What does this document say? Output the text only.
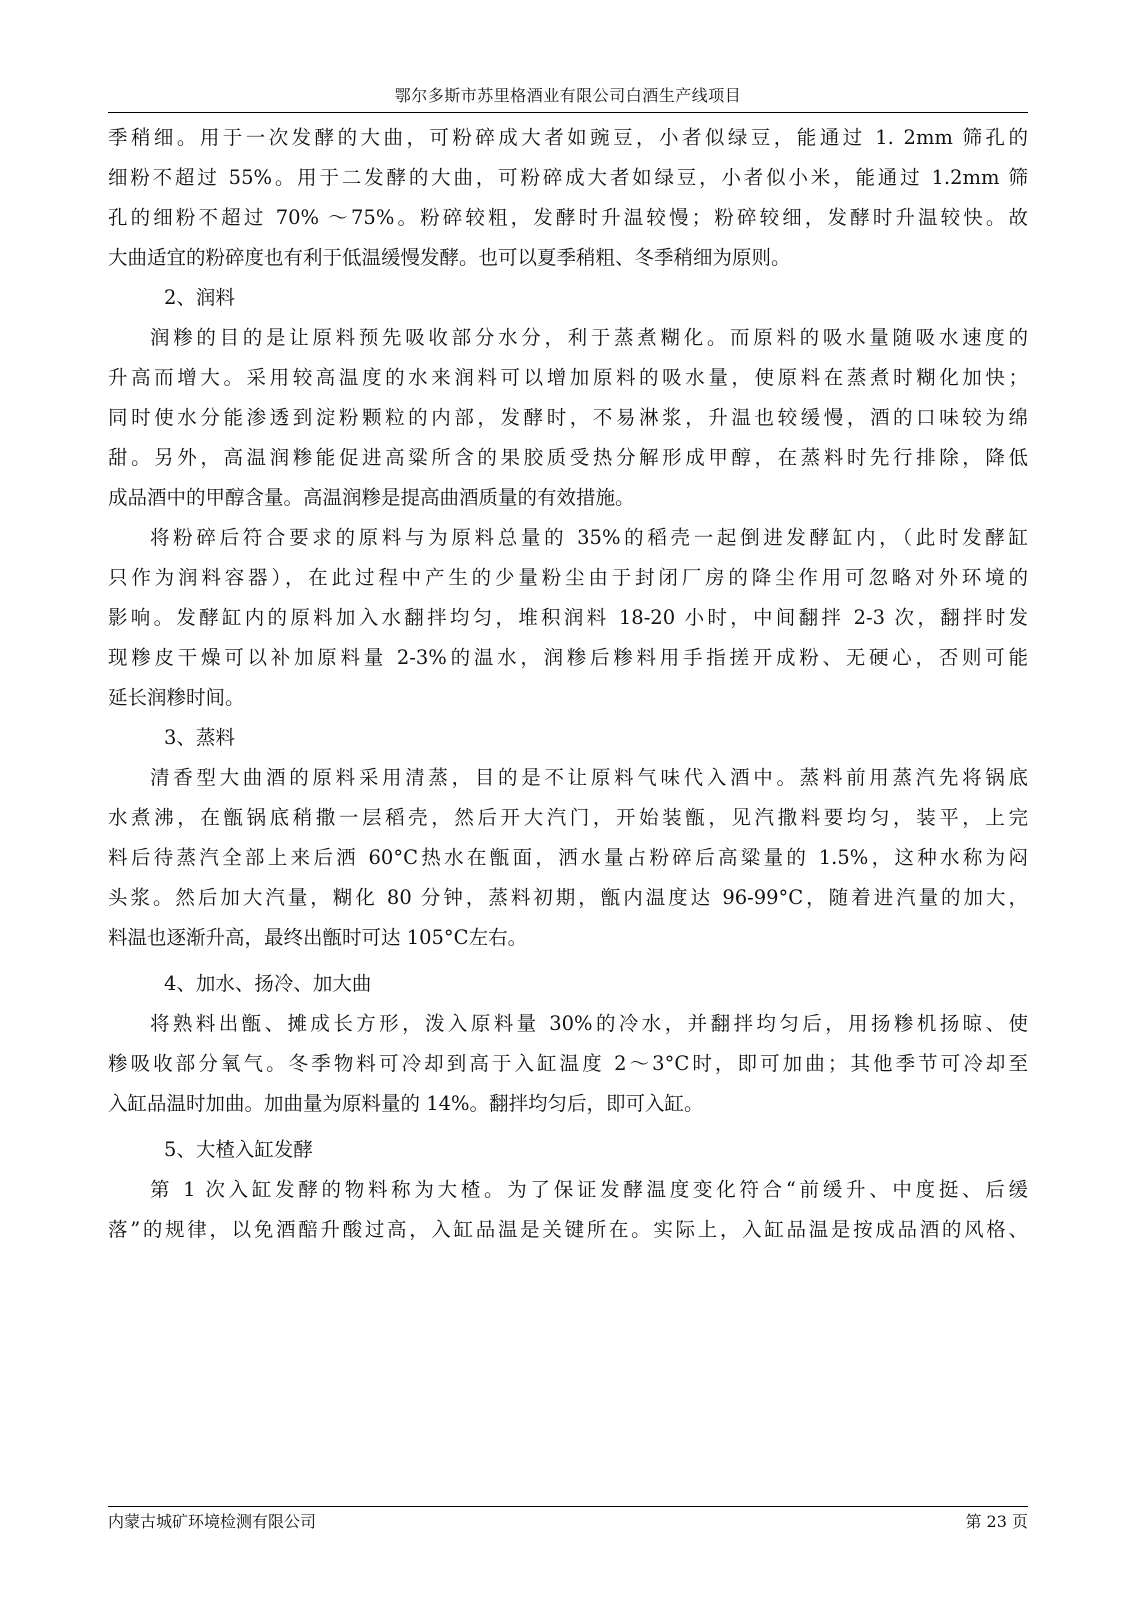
鄂尔多斯市苏里格酒业有限公司白酒生产线项目
季稍细。用于一次发酵的大曲，可粉碎成大者如豌豆，小者似绿豆，能通过 1. 2mm 筛孔的
细粉不超过 55%。用于二发酵的大曲，可粉碎成大者如绿豆，小者似小米，能通过 1.2mm 筛
孔的细粉不超过 70% ～75%。粉碎较粗，发酵时升温较慢；粉碎较细，发酵时升温较快。故
大曲适宜的粉碎度也有利于低温缓慢发酵。也可以夏季稍粗、冬季稍细为原则。
2、润料
润糁的目的是让原料预先吸收部分水分，利于蒸煮糊化。而原料的吸水量随吸水速度的
升高而增大。采用较高温度的水来润料可以增加原料的吸水量，使原料在蒸煮时糊化加快；
同时使水分能渗透到淀粉颗粒的内部，发酵时，不易淋浆，升温也较缓慢，酒的口味较为绵
甜。另外，高温润糁能促进高粱所含的果胶质受热分解形成甲醇，在蒸料时先行排除，降低
成品酒中的甲醇含量。高温润糁是提高曲酒质量的有效措施。
将粉碎后符合要求的原料与为原料总量的 35%的稻壳一起倒进发酵缸内，（此时发酵缸
只作为润料容器），在此过程中产生的少量粉尘由于封闭厂房的降尘作用可忽略对外环境的
影响。发酵缸内的原料加入水翻拌均匀，堆积润料 18-20 小时，中间翻拌 2-3 次，翻拌时发
现糁皮干燥可以补加原料量 2-3%的温水，润糁后糁料用手指搓开成粉、无硬心，否则可能
延长润糁时间。
3、蒸料
清香型大曲酒的原料采用清蒸，目的是不让原料气味代入酒中。蒸料前用蒸汽先将锅底
水煮沸，在甑锅底稍撒一层稻壳，然后开大汽门，开始装甑，见汽撒料要均匀，装平，上完
料后待蒸汽全部上来后洒 60°C热水在甑面，洒水量占粉碎后高粱量的 1.5%，这种水称为闷
头浆。然后加大汽量，糊化 80 分钟，蒸料初期，甑内温度达 96-99°C，随着进汽量的加大，
料温也逐渐升高，最终出甑时可达 105°C左右。
4、加水、扬冷、加大曲
将熟料出甑、摊成长方形，泼入原料量 30%的冷水，并翻拌均匀后，用扬糁机扬晾、使
糁吸收部分氧气。冬季物料可冷却到高于入缸温度 2～3°C时，即可加曲；其他季节可冷却至
入缸品温时加曲。加曲量为原料量的 14%。翻拌均匀后，即可入缸。
5、大楂入缸发酵
第 1 次入缸发酵的物料称为大楂。为了保证发酵温度变化符合“前缓升、中度挺、后缓
落”的规律，以免酒醅升酸过高，入缸品温是关键所在。实际上，入缸品温是按成品酒的风格、
内蒙古城矿环境检测有限公司	第 23 页
